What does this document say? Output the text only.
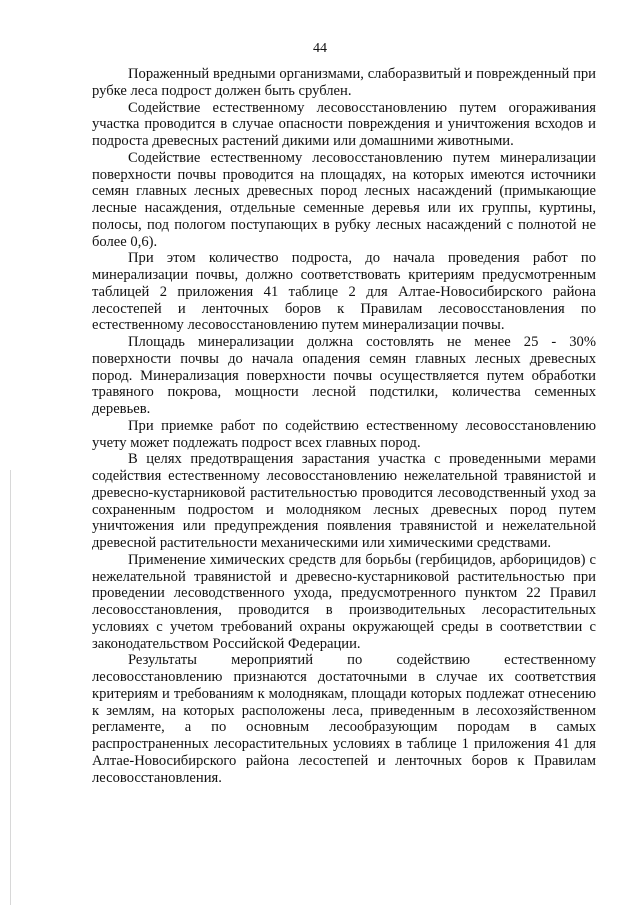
44

Пораженный вредными организмами, слаборазвитый и поврежденный при рубке леса подрост должен быть срублен.

Содействие естественному лесовосстановлению путем огораживания участка проводится в случае опасности повреждения и уничтожения всходов и подроста древесных растений дикими или домашними животными.

Содействие естественному лесовосстановлению путем минерализации поверхности почвы проводится на площадях, на которых имеются источники семян главных лесных древесных пород лесных насаждений (примыкающие лесные насаждения, отдельные семенные деревья или их группы, куртины, полосы, под пологом поступающих в рубку лесных насаждений с полнотой не более 0,6).

При этом количество подроста, до начала проведения работ по минерализации почвы, должно соответствовать критериям предусмотренным таблицей 2 приложения 41 таблице 2 для Алтае-Новосибирского района лесостепей и ленточных боров к Правилам лесовосстановления по естественному лесовосстановлению путем минерализации почвы.

Площадь минерализации должна состовлять не менее 25 - 30% поверхности почвы до начала опадения семян главных лесных древесных пород. Минерализация поверхности почвы осуществляется путем обработки травяного покрова, мощности лесной подстилки, количества семенных деревьев.

При приемке работ по содействию естественному лесовосстановлению учету может подлежать подрост всех главных пород.

В целях предотвращения зарастания участка с проведенными мерами содействия естественному лесовосстановлению нежелательной травянистой и древесно-кустарниковой растительностью проводится лесоводственный уход за сохраненным подростом и молодняком лесных древесных пород путем уничтожения или предупреждения появления травянистой и нежелательной древесной растительности механическими или химическими средствами.

Применение химических средств для борьбы (гербицидов, арборицидов) с нежелательной травянистой и древесно-кустарниковой растительностью при проведении лесоводственного ухода, предусмотренного пунктом 22 Правил лесовосстановления, проводится в производительных лесорастительных условиях с учетом требований охраны окружающей среды в соответствии с законодательством Российской Федерации.

Результаты мероприятий по содействию естественному лесовосстановлению признаются достаточными в случае их соответствия критериям и требованиям к молоднякам, площади которых подлежат отнесению к землям, на которых расположены леса, приведенным в лесохозяйственном регламенте, а по основным лесообразующим породам в самых распространенных лесорастительных условиях в таблице 1 приложения 41 для Алтае-Новосибирского района лесостепей и ленточных боров к Правилам лесовосстановления.
